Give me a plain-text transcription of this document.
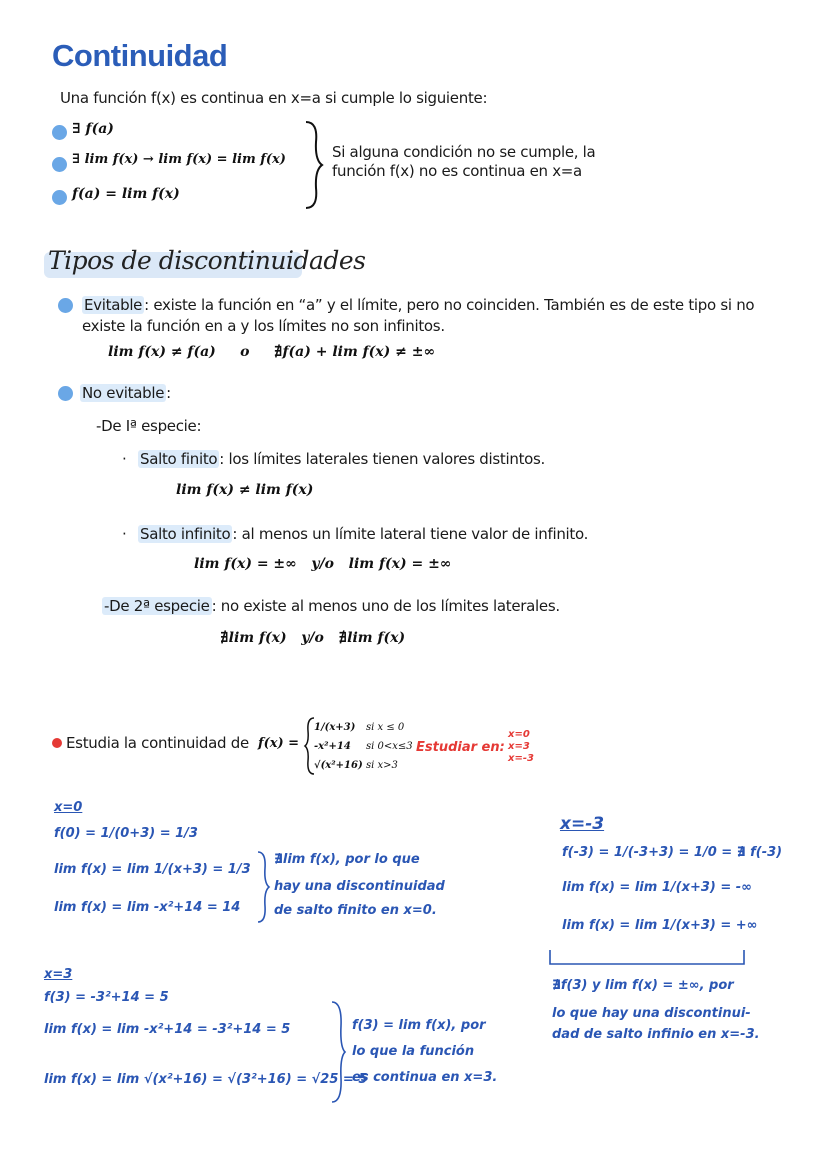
Continuidad
Una función f(x) es continua en x=a si cumple lo siguiente:
∃ f(a)
∃ lim f(x) → lim f(x) = lim f(x)
f(a) = lim f(x)
Si alguna condición no se cumple, la
función f(x) no es continua en x=a
Tipos de discontinuidades
Evitable : existe la función en “a” y el límite, pero no coinciden. También es de este tipo si no
existe la función en a y los límites no son infinitos.
lim f(x) ≠ f(a)     o     ∄f(a) + lim f(x) ≠ ±∞
No evitable :
-De Iª especie:
· Salto finito : los límites laterales tienen valores distintos.
lim f(x) ≠ lim f(x)
· Salto infinito : al menos un límite lateral tiene valor de infinito.
lim f(x) = ±∞   y/o   lim f(x) = ±∞
-De 2ª especie : no existe al menos uno de los límites laterales.
∄lim f(x)   y/o   ∄lim f(x)
Estudia la continuidad de f(x) =
1/(x+3) si x ≤ 0
-x²+14 si 0<x≤3
√(x²+16) si x>3
Estudiar en:
x=0
x=3
x=-3
x=0
f(0) = 1/(0+3) = 1/3
lim f(x) = lim 1/(x+3) = 1/3
lim f(x) = lim -x²+14 = 14
∄lim f(x), por lo que
hay una discontinuidad
de salto finito en x=0.
x=-3
f(-3) = 1/(-3+3) = 1/0 = ∄ f(-3)
lim f(x) = lim 1/(x+3) = -∞
lim f(x) = lim 1/(x+3) = +∞
∄f(3) y lim f(x) = ±∞, por
lo que hay una discontinui-
dad de salto infinio en x=-3.
x=3
f(3) = -3²+14 = 5
lim f(x) = lim -x²+14 = -3²+14 = 5
lim f(x) = lim √(x²+16) = √(3²+16) = √25 = 5
f(3) = lim f(x), por
lo que la función
es continua en x=3.
